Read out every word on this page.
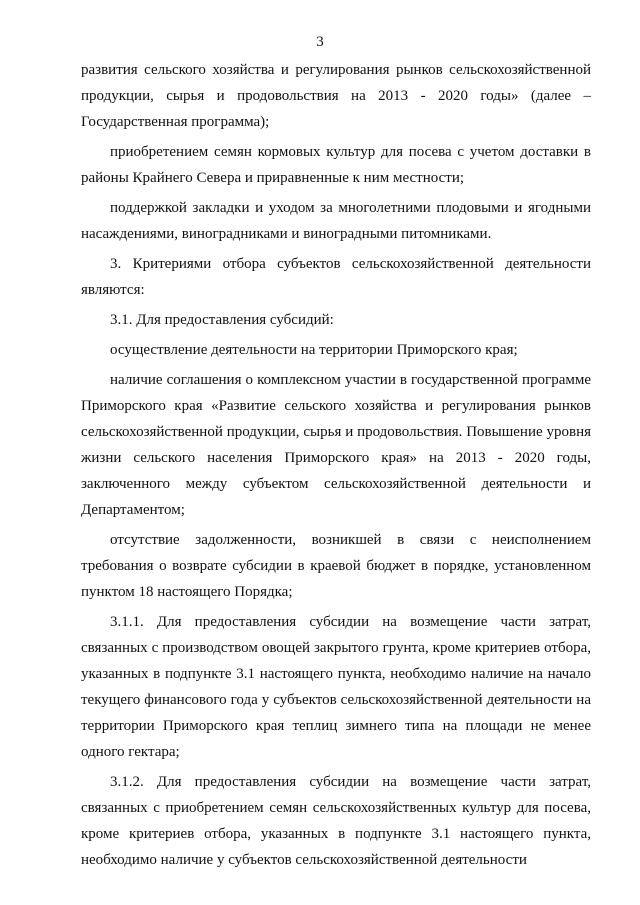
3

развития сельского хозяйства и регулирования рынков сельскохозяйственной продукции, сырья и продовольствия на 2013 - 2020 годы» (далее – Государственная программа);

приобретением семян кормовых культур для посева с учетом доставки в районы Крайнего Севера и приравненные к ним местности;

поддержкой закладки и уходом за многолетними плодовыми и ягодными насаждениями, виноградниками и виноградными питомниками.

3. Критериями отбора субъектов сельскохозяйственной деятельности являются:

3.1. Для предоставления субсидий:

осуществление деятельности на территории Приморского края;

наличие соглашения о комплексном участии в государственной программе Приморского края «Развитие сельского хозяйства и регулирования рынков сельскохозяйственной продукции, сырья и продовольствия. Повышение уровня жизни сельского населения Приморского края» на 2013 - 2020 годы, заключенного между субъектом сельскохозяйственной деятельности и Департаментом;

отсутствие задолженности, возникшей в связи с неисполнением требования о возврате субсидии в краевой бюджет в порядке, установленном пунктом 18 настоящего Порядка;

3.1.1. Для предоставления субсидии на возмещение части затрат, связанных с производством овощей закрытого грунта, кроме критериев отбора, указанных в подпункте 3.1 настоящего пункта, необходимо наличие на начало текущего финансового года у субъектов сельскохозяйственной деятельности на территории Приморского края теплиц зимнего типа на площади не менее одного гектара;

3.1.2. Для предоставления субсидии на возмещение части затрат, связанных с приобретением семян сельскохозяйственных культур для посева, кроме критериев отбора, указанных в подпункте 3.1 настоящего пункта, необходимо наличие у субъектов сельскохозяйственной деятельности
